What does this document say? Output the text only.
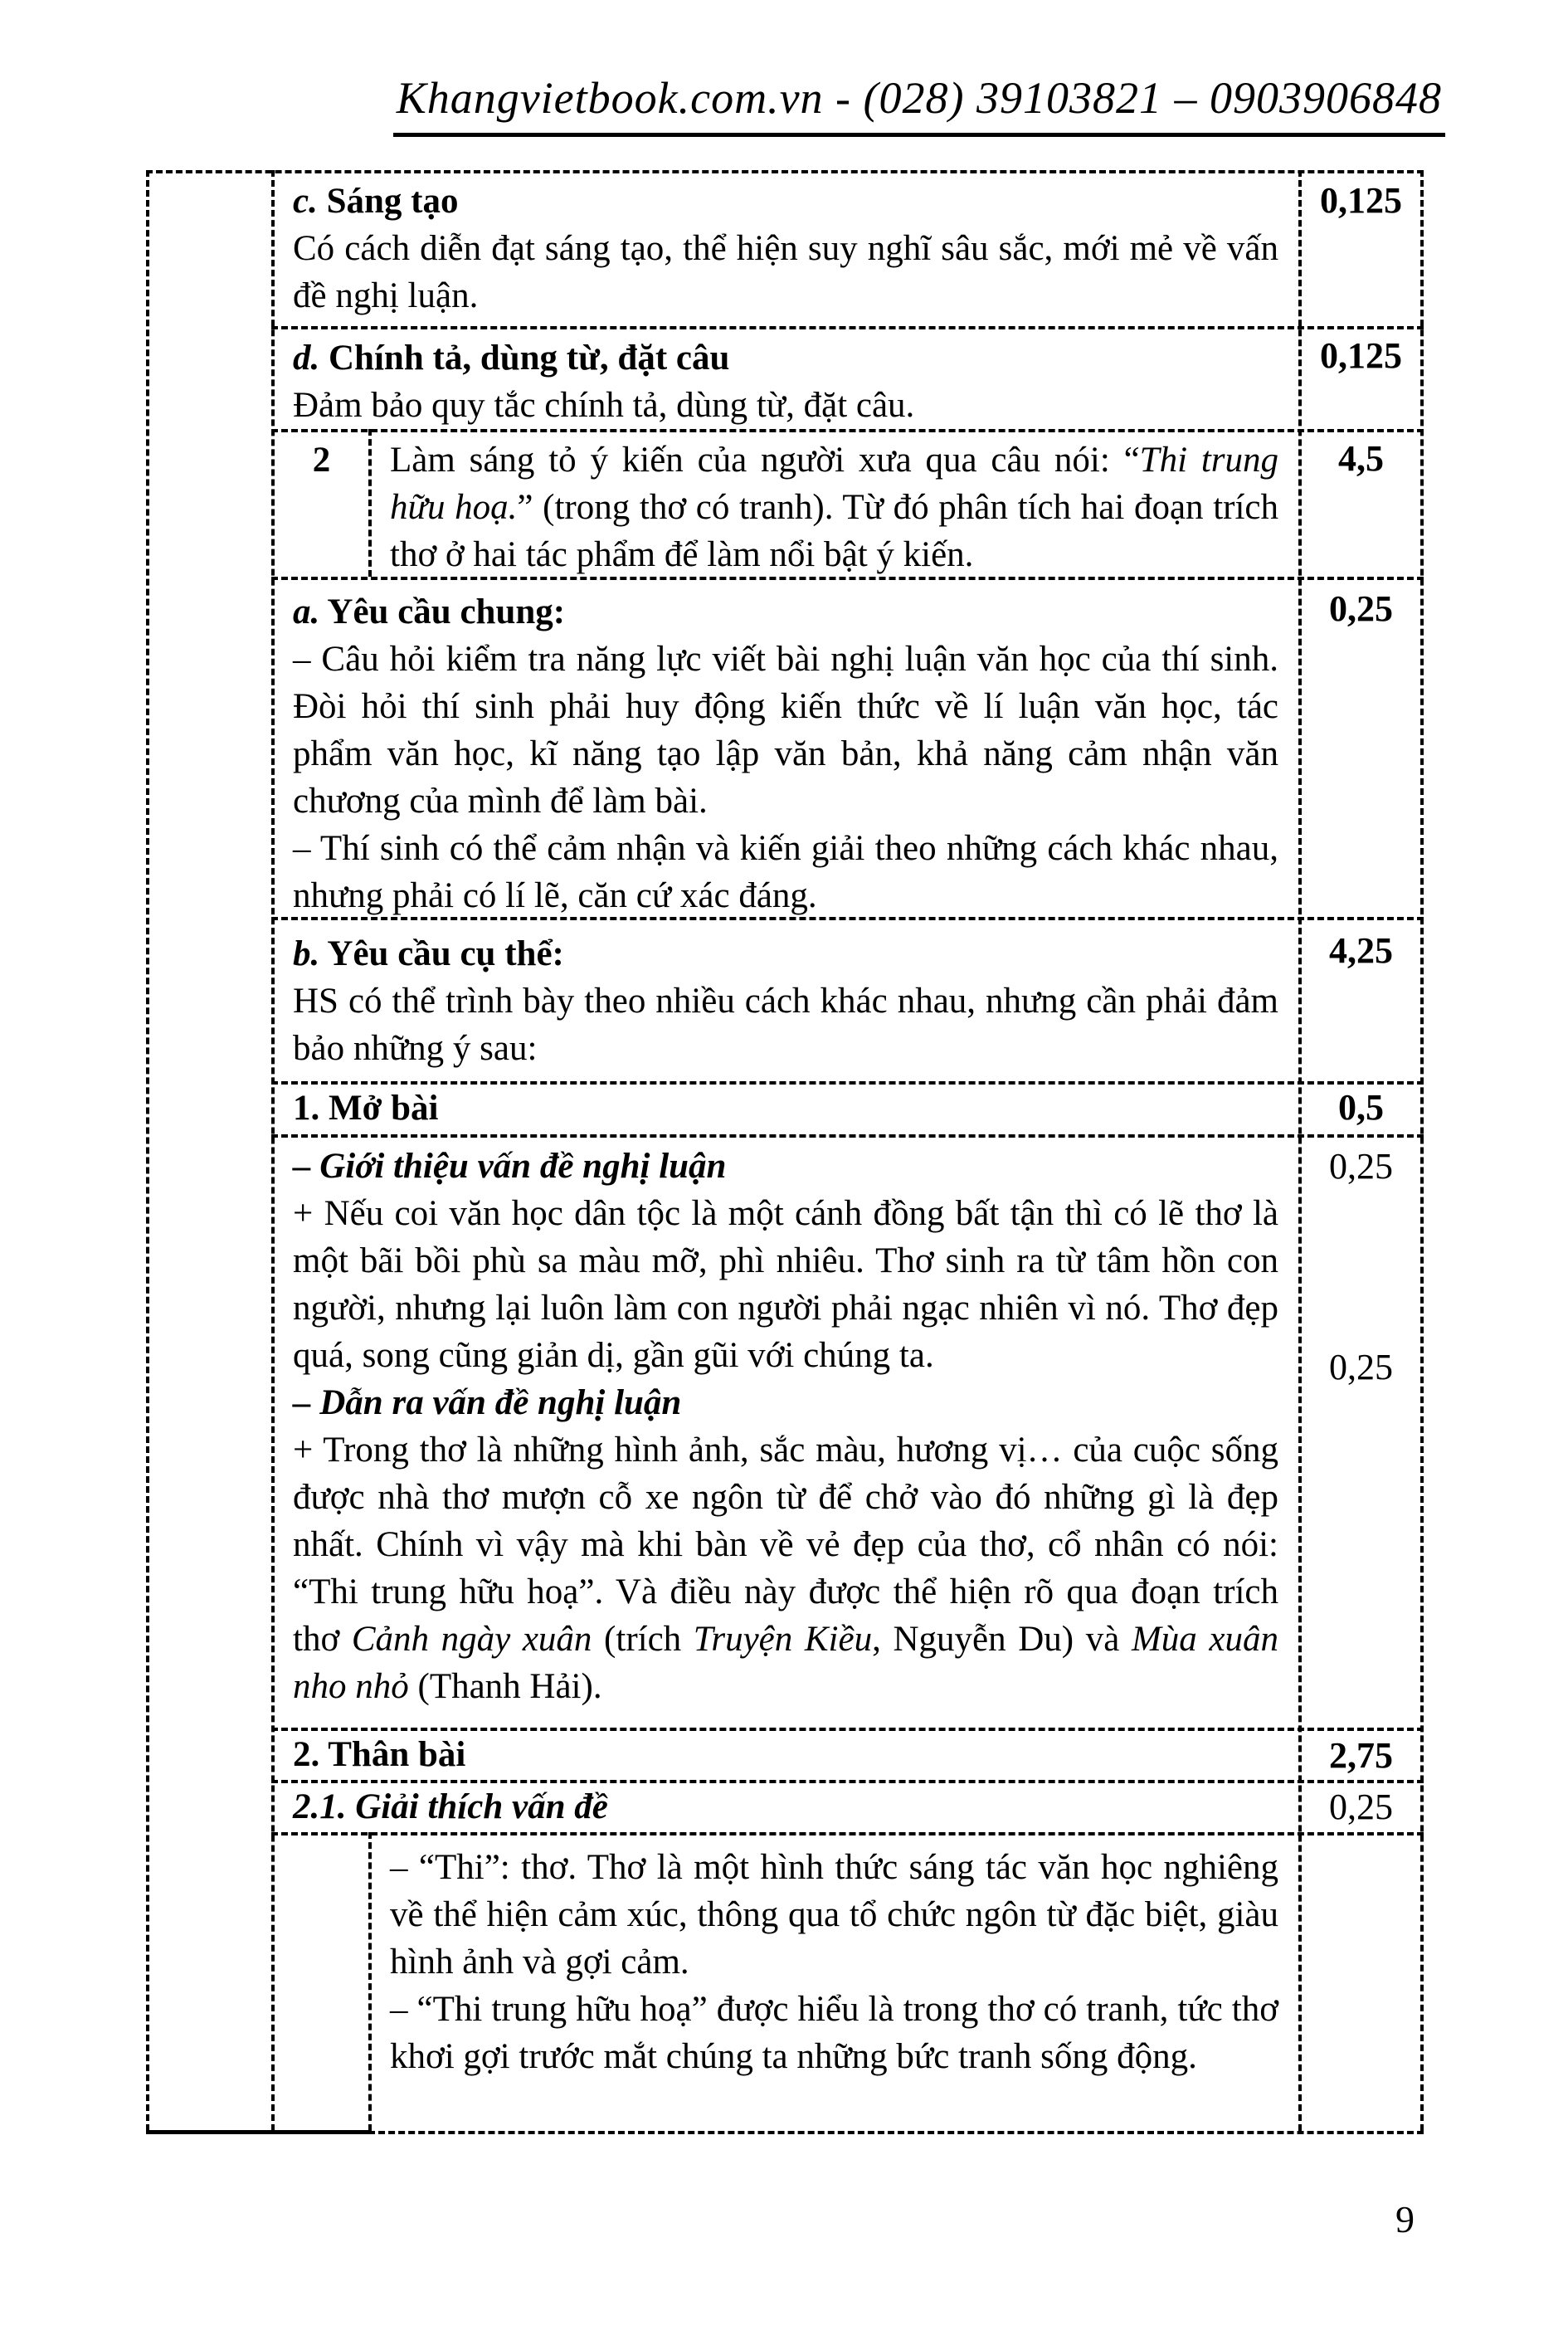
Khangvietbook.com.vn - (028) 39103821 – 0903906848
c. Sáng tạo

Có cách diễn đạt sáng tạo, thể hiện suy nghĩ sâu sắc, mới mẻ về vấn đề nghị luận.

0,125
d. Chính tả, dùng từ, đặt câu

Đảm bảo quy tắc chính tả, dùng từ, đặt câu.

0,125
2	Làm sáng tỏ ý kiến của người xưa qua câu nói: “Thi trung hữu hoạ.” (trong thơ có tranh). Từ đó phân tích hai đoạn trích thơ ở hai tác phẩm để làm nổi bật ý kiến.

4,5
a. Yêu cầu chung:

– Câu hỏi kiểm tra năng lực viết bài nghị luận văn học của thí sinh. Đòi hỏi thí sinh phải huy động kiến thức về lí luận văn học, tác phẩm văn học, kĩ năng tạo lập văn bản, khả năng cảm nhận văn chương của mình để làm bài.

– Thí sinh có thể cảm nhận và kiến giải theo những cách khác nhau, nhưng phải có lí lẽ, căn cứ xác đáng.

0,25
b. Yêu cầu cụ thể:

HS có thể trình bày theo nhiều cách khác nhau, nhưng cần phải đảm bảo những ý sau:

4,25
1. Mở bài	0,5
– Giới thiệu vấn đề nghị luận

+ Nếu coi văn học dân tộc là một cánh đồng bất tận thì có lẽ thơ là một bãi bồi phù sa màu mỡ, phì nhiêu. Thơ sinh ra từ tâm hồn con người, nhưng lại luôn làm con người phải ngạc nhiên vì nó. Thơ đẹp quá, song cũng giản dị, gần gũi với chúng ta.

– Dẫn ra vấn đề nghị luận

+ Trong thơ là những hình ảnh, sắc màu, hương vị… của cuộc sống được nhà thơ mượn cỗ xe ngôn từ để chở vào đó những gì là đẹp nhất. Chính vì vậy mà khi bàn về vẻ đẹp của thơ, cổ nhân có nói: “Thi trung hữu hoạ”. Và điều này được thể hiện rõ qua đoạn trích thơ Cảnh ngày xuân (trích Truyện Kiều, Nguyễn Du) và Mùa xuân nho nhỏ (Thanh Hải).

0,25
0,25
2. Thân bài	2,75
2.1. Giải thích vấn đề	0,25

– “Thi”: thơ. Thơ là một hình thức sáng tác văn học nghiêng về thể hiện cảm xúc, thông qua tổ chức ngôn từ đặc biệt, giàu hình ảnh và gợi cảm.

– “Thi trung hữu hoạ” được hiểu là trong thơ có tranh, tức thơ khơi gợi trước mắt chúng ta những bức tranh sống động.

9
